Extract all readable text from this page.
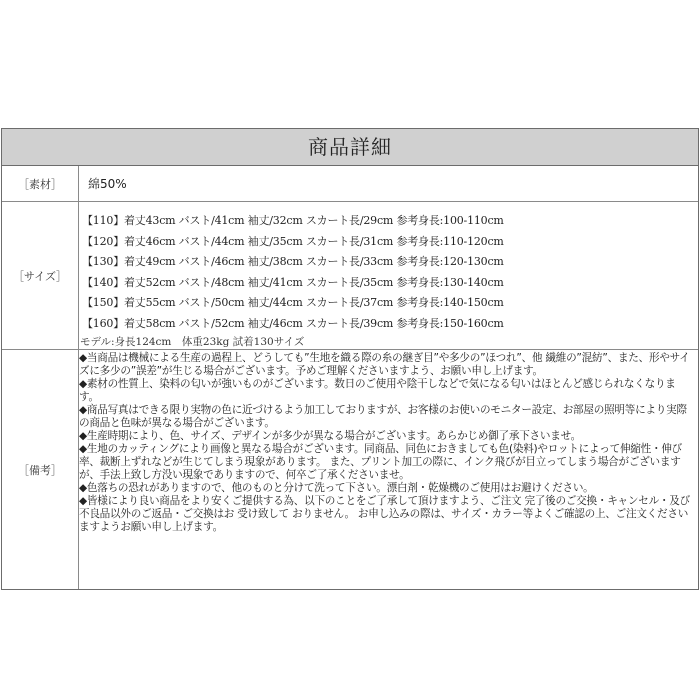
商品詳細
［素材］	綿50%
［サイズ］
【110】着丈43cm バスト/41cm 袖丈/32cm スカート長/29cm 参考身長:100-110cm
【120】着丈46cm バスト/44cm 袖丈/35cm スカート長/31cm 参考身長:110-120cm
【130】着丈49cm バスト/46cm 袖丈/38cm スカート長/33cm 参考身長:120-130cm
【140】着丈52cm バスト/48cm 袖丈/41cm スカート長/35cm 参考身長:130-140cm
【150】着丈55cm バスト/50cm 袖丈/44cm スカート長/37cm 参考身長:140-150cm
【160】着丈58cm バスト/52cm 袖丈/46cm スカート長/39cm 参考身長:150-160cm
モデル:身長124cm　体重23kg 試着130サイズ
［備考］
◆当商品は機械による生産の過程上、どうしても”生地を織る際の糸の継ぎ目”や多少の”ほつれ”、他 繊維の”混紡”、また、形やサイズに多少の”誤差”が生じる場合がございます。予めご理解くださいますよう、お願い申し上げます。
◆素材の性質上、染料の匂いが強いものがございます。数日のご使用や陰干しなどで気になる匂いはほとんど感じられなくなります。
◆商品写真はできる限り実物の色に近づけるよう加工しておりますが、お客様のお使いのモニター設定、お部屋の照明等により実際の商品と色味が異なる場合がございます。
◆生産時期により、色、サイズ、デザインが多少が異なる場合がございます。あらかじめ御了承下さいませ。
◆生地のカッティングにより画像と異なる場合がございます。同商品、同色におきましても色(染料)やロットによって伸縮性・伸び率、裁断上ずれなどが生じてしまう現象があります。 また、プリント加工の際に、インク飛びが目立ってしまう場合がございますが、手法上致し方没い現象でありますので、何卒ご了承くださいませ。
◆色落ちの恐れがありますので、他のものと分けて洗って下さい。漂白剤・乾燥機のご使用はお避けください。
◆皆様により良い商品をより安くご提供する為、以下のことをご了承して頂けますよう、ご注文 完了後のご交換・キャンセル・及び不良品以外のご返品・ご交換はお 受け致して おりません。 お申し込みの際は、サイズ・カラー等よくご確認の上、ご注文くださいますようお願い申し上げます。
